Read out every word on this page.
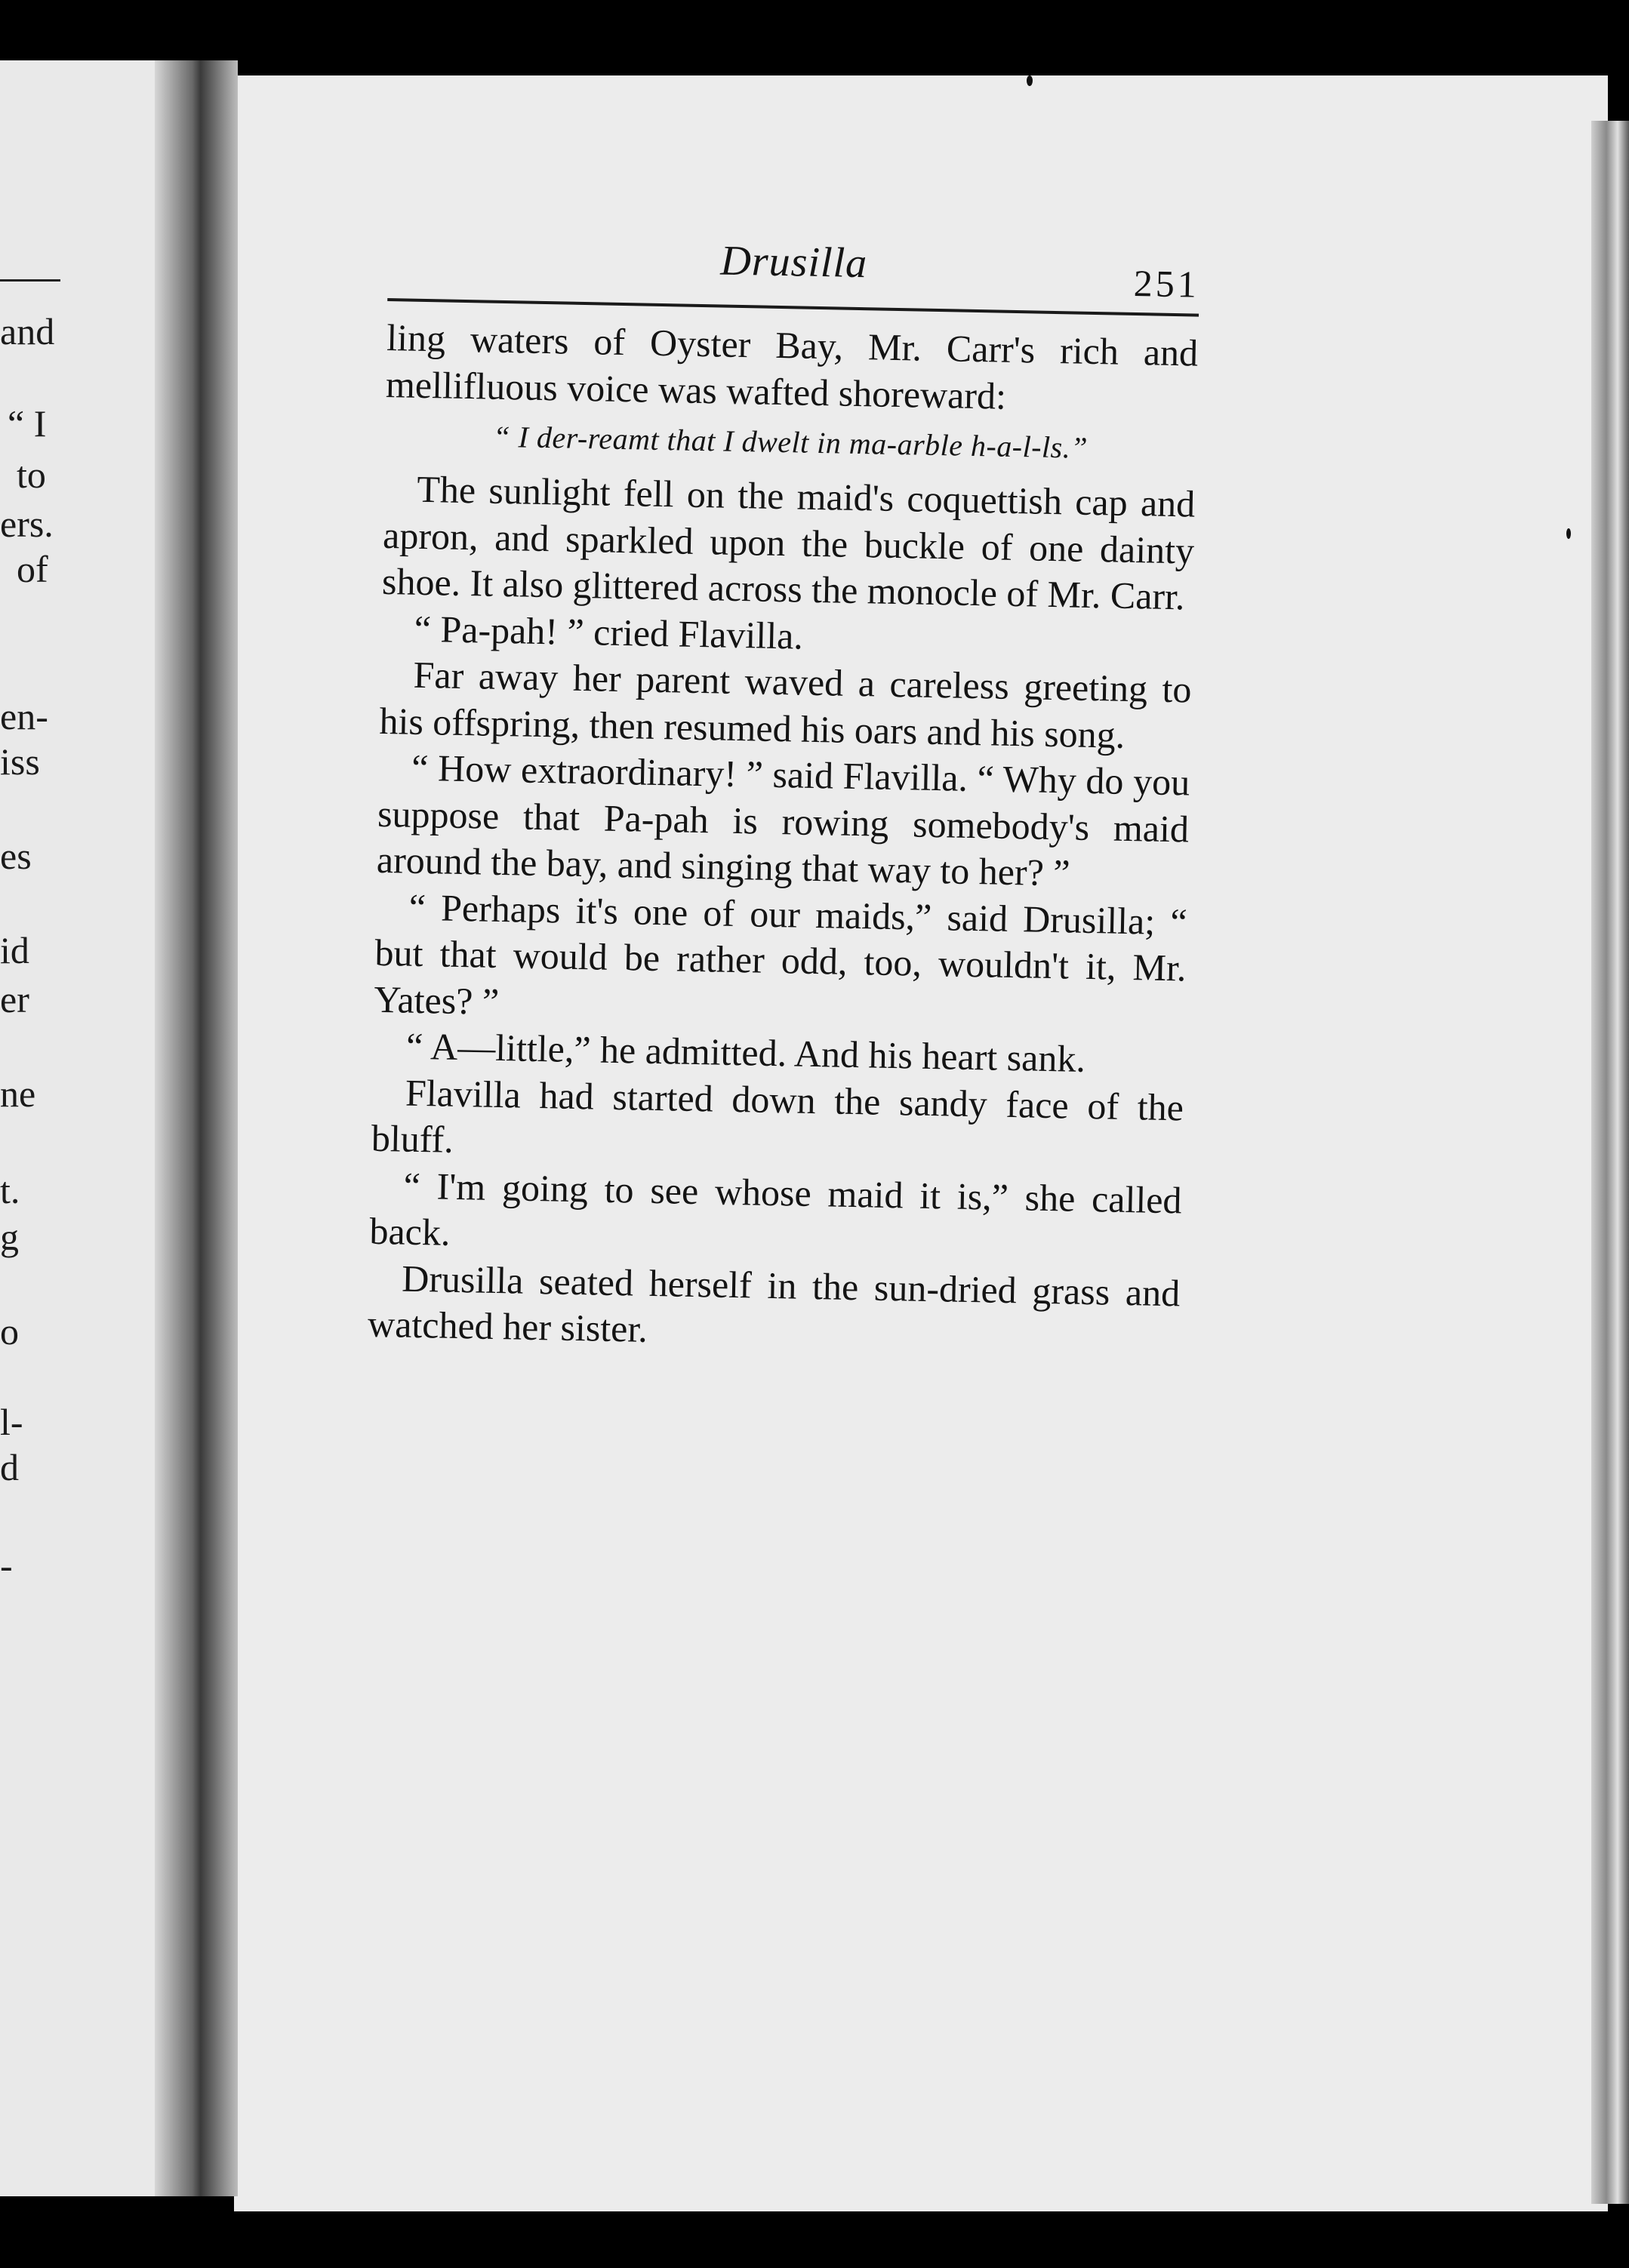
and
“ I
to
ers.
of
en-
iss
es
id
er
ne
t.
g
o
l-
d
-
Drusilla	251

ling waters of Oyster Bay, Mr. Carr's rich and mellifluous voice was wafted shoreward:

“ I der-reamt that I dwelt in ma-arble h-a-l-ls.”

The sunlight fell on the maid's coquettish cap and apron, and sparkled upon the buckle of one dainty shoe. It also glittered across the monocle of Mr. Carr.

“ Pa-pah! ” cried Flavilla.

Far away her parent waved a careless greeting to his offspring, then resumed his oars and his song.

“ How extraordinary! ” said Flavilla. “ Why do you suppose that Pa-pah is rowing somebody's maid around the bay, and singing that way to her? ”

“ Perhaps it's one of our maids,” said Drusilla; “ but that would be rather odd, too, wouldn't it, Mr. Yates? ”

“ A—little,” he admitted. And his heart sank.

Flavilla had started down the sandy face of the bluff.

“ I'm going to see whose maid it is,” she called back.

Drusilla seated herself in the sun-dried grass and watched her sister.
